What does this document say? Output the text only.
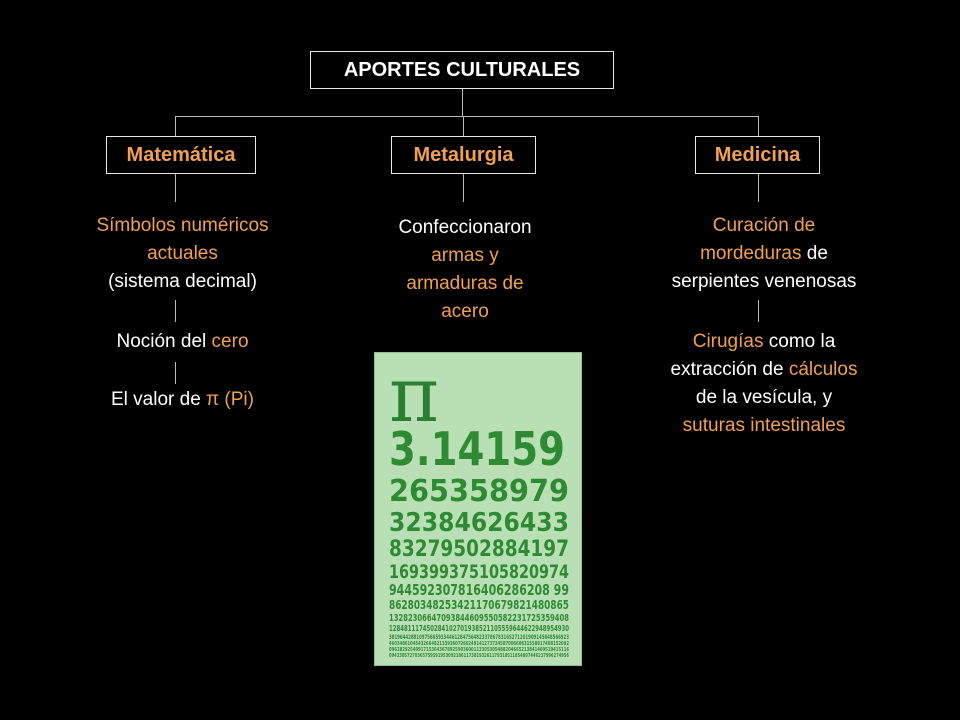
APORTES CULTURALES
Matemática	Metalurgia	Medicina
Símbolos numéricos
actuales
(sistema decimal)
Noción del cero
El valor de π (Pi)
Confeccionaron
armas y
armaduras de
acero
Curación de
mordeduras de
serpientes venenosas
Cirugías como la
extracción de cálculos
de la vesícula, y
suturas intestinales
π
3.14159
265358979
32384626433
83279502884197
169399375105820974
944592307816406286208 99
86280348253421170679821480865
13282306647093844609550582231725359408
128481117450284102701938521105559644622948954930
381964428810975665933446128475648233786783165271201909145648566923
46034861045432664821339360726024914127372458700660631558817488152092
09628292540917153643678925903600113305305488204665213841469519415116
0943305727036575959195309218611738193261179310511854807446237996274956
